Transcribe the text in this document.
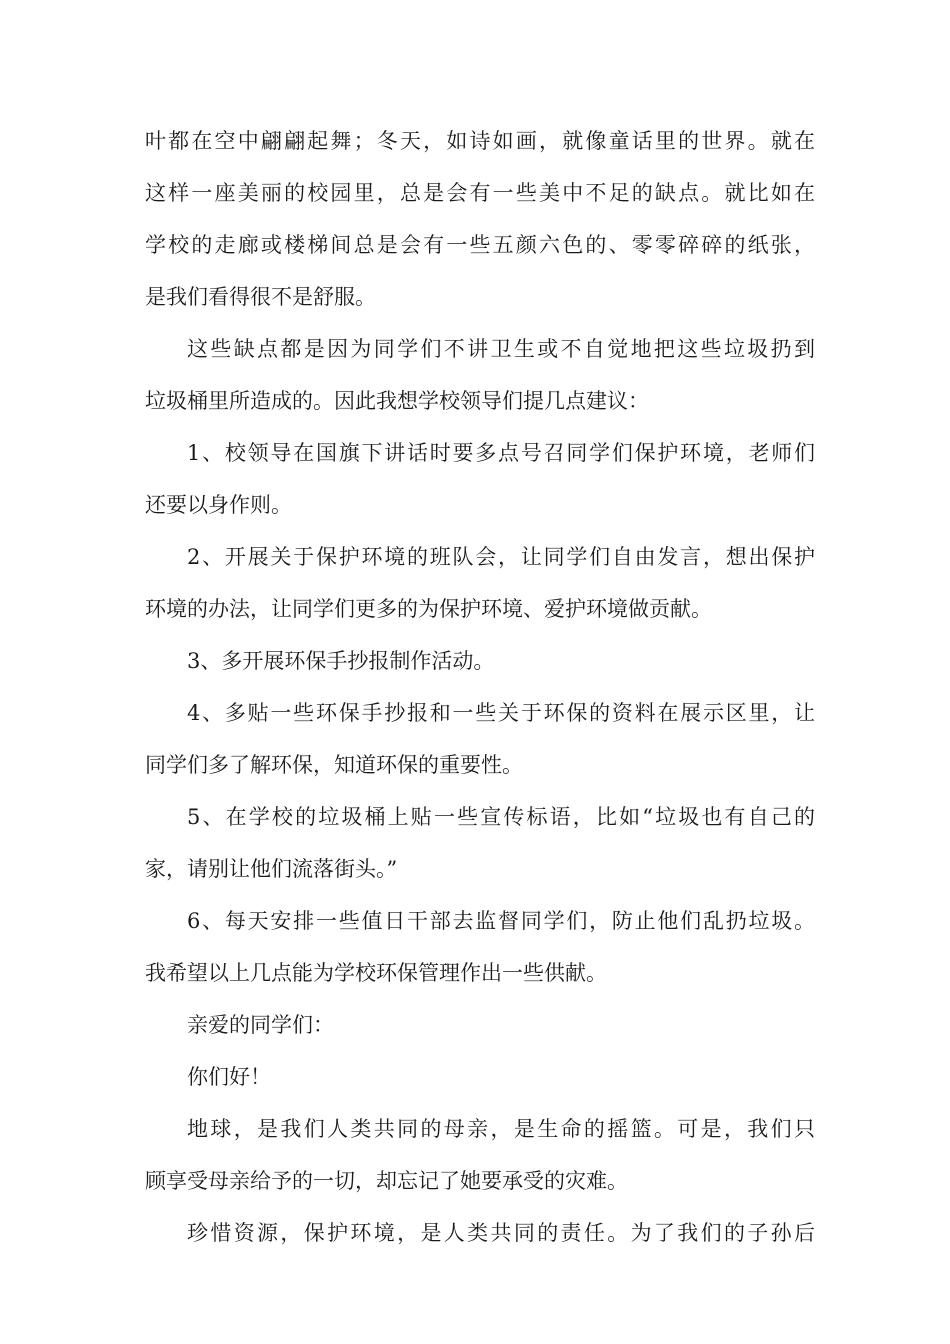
叶都在空中翩翩起舞；冬天，如诗如画，就像童话里的世界。就在
这样一座美丽的校园里，总是会有一些美中不足的缺点。就比如在
学校的走廊或楼梯间总是会有一些五颜六色的、零零碎碎的纸张，
是我们看得很不是舒服。
这些缺点都是因为同学们不讲卫生或不自觉地把这些垃圾扔到
垃圾桶里所造成的。因此我想学校领导们提几点建议：
1、校领导在国旗下讲话时要多点号召同学们保护环境，老师们
还要以身作则。
2、开展关于保护环境的班队会，让同学们自由发言，想出保护
环境的办法，让同学们更多的为保护环境、爱护环境做贡献。
3、多开展环保手抄报制作活动。
4、多贴一些环保手抄报和一些关于环保的资料在展示区里，让
同学们多了解环保，知道环保的重要性。
5、在学校的垃圾桶上贴一些宣传标语，比如“垃圾也有自己的
家，请别让他们流落街头。”
6、每天安排一些值日干部去监督同学们，防止他们乱扔垃圾。
我希望以上几点能为学校环保管理作出一些供献。
亲爱的同学们：
你们好！
地球，是我们人类共同的母亲，是生命的摇篮。可是，我们只
顾享受母亲给予的一切，却忘记了她要承受的灾难。
珍惜资源，保护环境，是人类共同的责任。为了我们的子孙后
